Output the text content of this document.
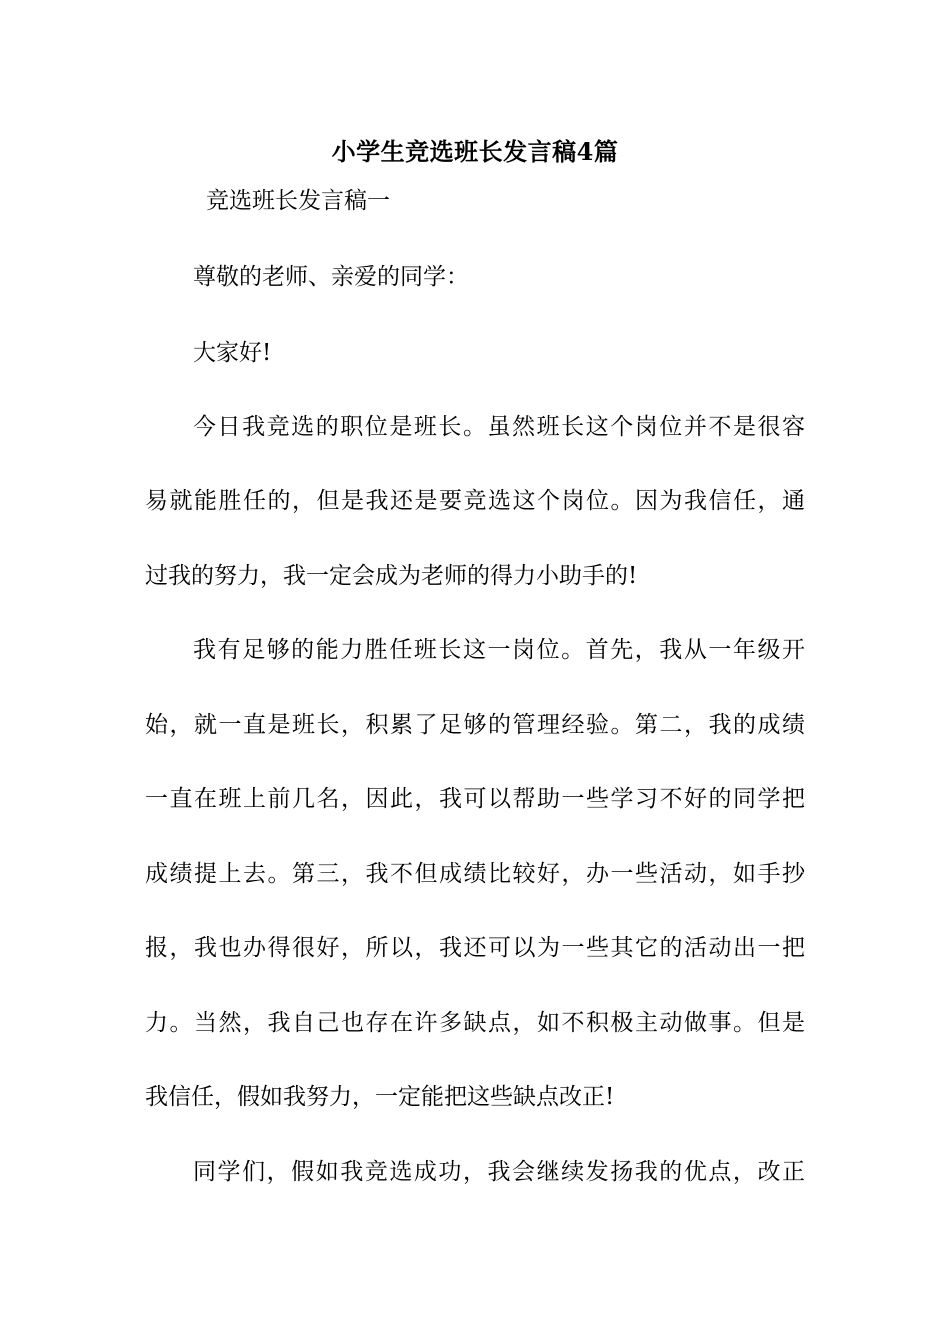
小学生竞选班长发言稿4篇
竞选班长发言稿一
尊敬的老师、亲爱的同学：
大家好!
今日我竞选的职位是班长。虽然班长这个岗位并不是很容
易就能胜任的，但是我还是要竞选这个岗位。因为我信任，通
过我的努力，我一定会成为老师的得力小助手的!
我有足够的能力胜任班长这一岗位。首先，我从一年级开
始，就一直是班长，积累了足够的管理经验。第二，我的成绩
一直在班上前几名，因此，我可以帮助一些学习不好的同学把
成绩提上去。第三，我不但成绩比较好，办一些活动，如手抄
报，我也办得很好，所以，我还可以为一些其它的活动出一把
力。当然，我自己也存在许多缺点，如不积极主动做事。但是
我信任，假如我努力，一定能把这些缺点改正!
同学们，假如我竞选成功，我会继续发扬我的优点，改正
